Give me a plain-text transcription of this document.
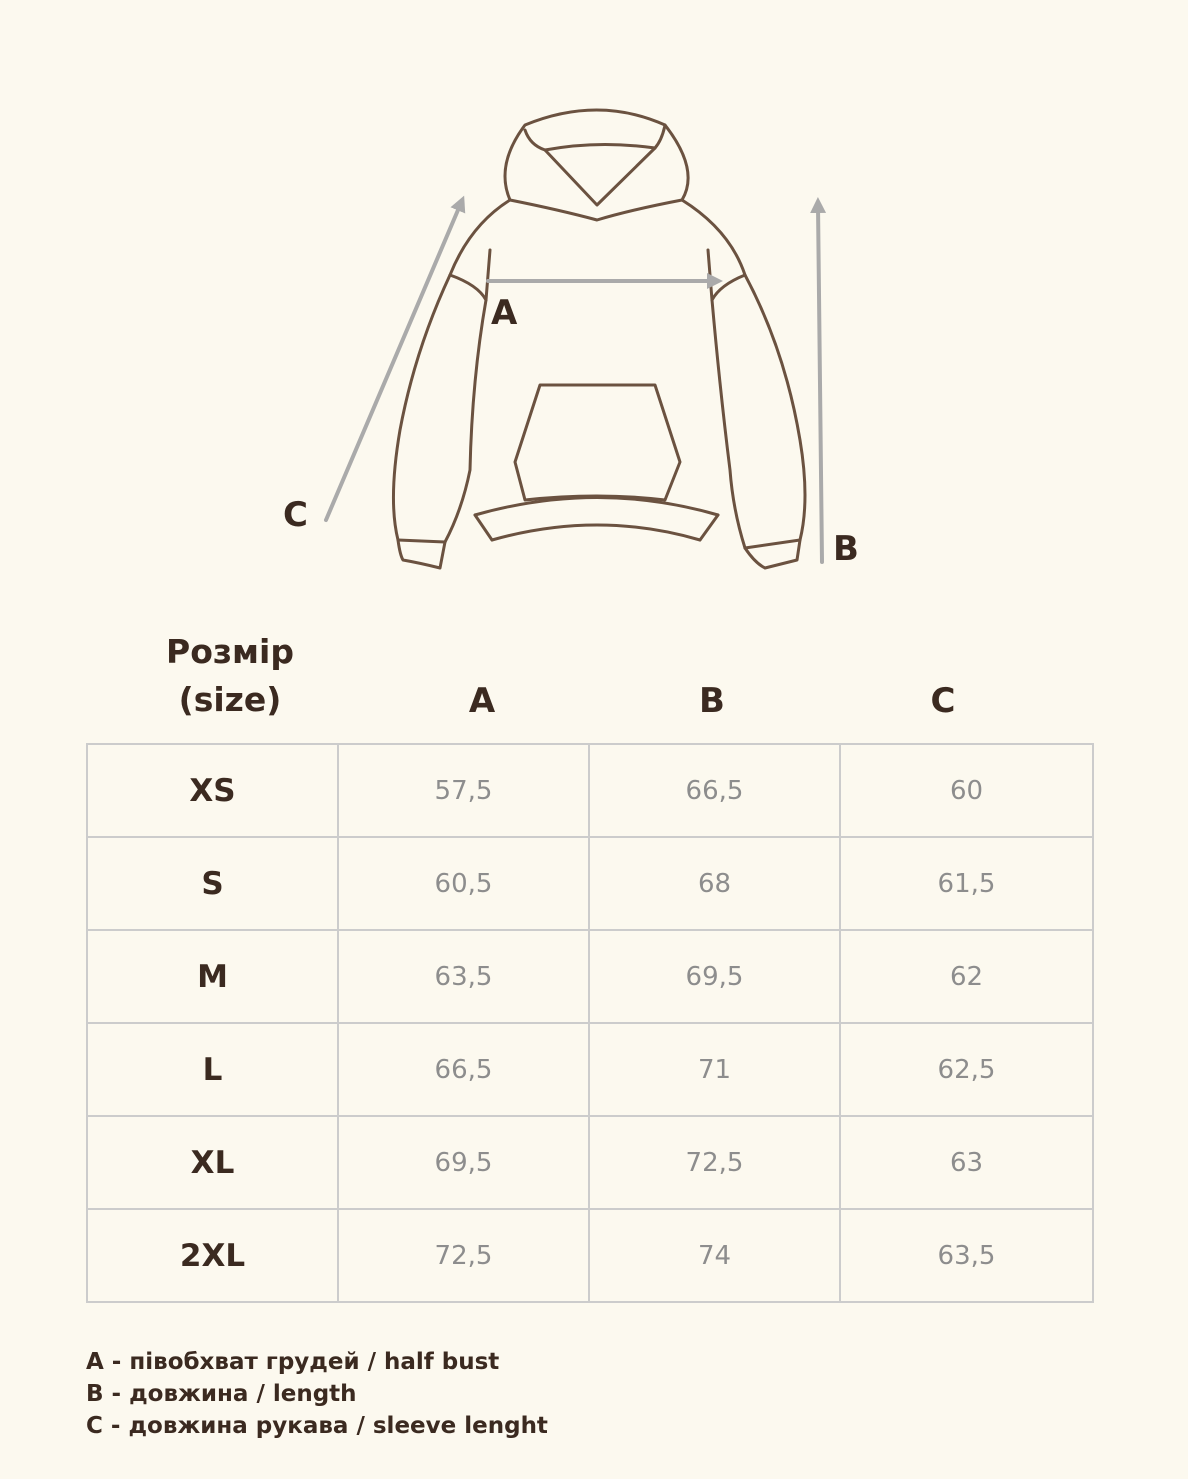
A
B
C
Розмір
(size)	A	B	C
XS	57,5	66,5	60
S	60,5	68	61,5
M	63,5	69,5	62
L	66,5	71	62,5
XL	69,5	72,5	63
2XL	72,5	74	63,5
A - півобхват грудей / half bust
B - довжина / length
C - довжина рукава / sleeve lenght
